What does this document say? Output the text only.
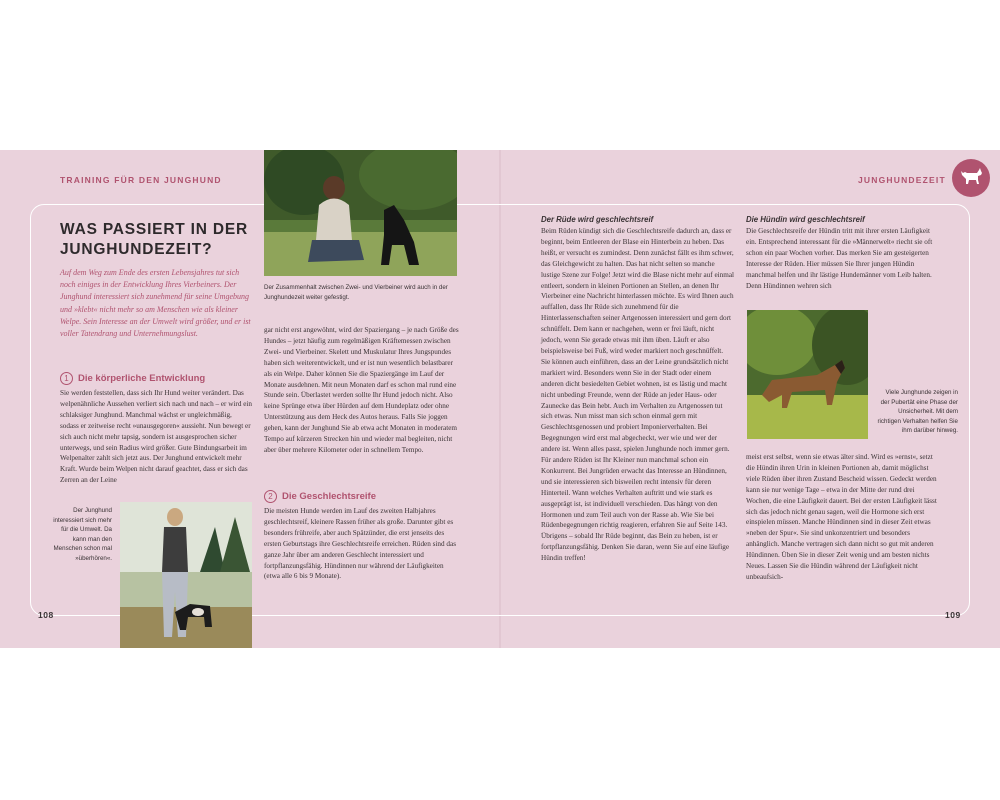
TRAINING FÜR DEN JUNGHUND	JUNGHUNDEZEIT
108	109
WAS PASSIERT IN DER JUNGHUNDEZEIT?

Auf dem Weg zum Ende des ersten Lebensjahres tut sich noch einiges in der Entwicklung Ihres Vierbeiners. Der Junghund interessiert sich zunehmend für seine Umgebung und »klebt« nicht mehr so am Menschen wie als kleiner Welpe. Sein Interesse an der Umwelt wird größer, und er ist voller Tatendrang und Unternehmungslust.

1 Die körperliche Entwicklung

Sie werden feststellen, dass sich Ihr Hund weiter verändert. Das welpenähnliche Aussehen verliert sich nach und nach – er wird ein schlaksiger Junghund. Manchmal wächst er ungleichmäßig, sodass er zeitweise recht »unausgegoren« aussieht. Nun bewegt er sich auch nicht mehr tapsig, sondern ist ausgesprochen sicher unterwegs, und sein Radius wird größer. Gute Bindungsarbeit im Welpenalter zahlt sich jetzt aus. Der Junghund entwickelt mehr Kraft. Wurde beim Welpen nicht darauf geachtet, dass er sich das Zerren an der Leine

Der Zusammenhalt zwischen Zwei- und Vierbeiner wird auch in der Junghundezeit weiter gefestigt.

gar nicht erst angewöhnt, wird der Spaziergang – je nach Größe des Hundes – jetzt häufig zum regelmäßigen Kräftemessen zwischen Zwei- und Vierbeiner. Skelett und Muskulatur Ihres Jungspundes haben sich weiterentwickelt, und er ist nun wesentlich belastbarer als ein Welpe. Daher können Sie die Spaziergänge im Lauf der Monate ausdehnen. Mit neun Monaten darf es schon mal rund eine Stunde sein. Überlastet werden sollte Ihr Hund jedoch nicht. Also keine Sprünge etwa über Hürden auf dem Hundeplatz oder ohne Unterstützung aus dem Heck des Autos heraus. Falls Sie joggen gehen, kann der Junghund Sie ab etwa acht Monaten in moderatem Tempo auf kürzeren Strecken hin und wieder mal begleiten, nicht aber über mehrere Kilometer oder in schnellem Tempo.

2 Die Geschlechtsreife

Die meisten Hunde werden im Lauf des zweiten Halbjahres geschlechtsreif, kleinere Rassen früher als große. Darunter gibt es besonders frühreife, aber auch Spätzünder, die erst jenseits des ersten Geburtstags ihre Geschlechtsreife erreichen. Rüden sind das ganze Jahr über am anderen Geschlecht interessiert und fortpflanzungsfähig. Hündinnen nur während der Läufigkeiten (etwa alle 6 bis 9 Monate).

Der Junghund interessiert sich mehr für die Umwelt. Da kann man den Menschen schon mal »überhören«.

Der Rüde wird geschlechtsreif

Beim Rüden kündigt sich die Geschlechtsreife dadurch an, dass er beginnt, beim Entleeren der Blase ein Hinterbein zu heben. Das heißt, er versucht es zumindest. Denn zunächst fällt es ihm schwer, das Gleichgewicht zu halten. Das hat nicht selten so manche lustige Szene zur Folge! Jetzt wird die Blase nicht mehr auf einmal entleert, sondern in kleinen Portionen an Stellen, an denen Ihr Vierbeiner eine Nachricht hinterlassen möchte. Es wird Ihnen auch auffallen, dass Ihr Rüde sich zunehmend für die Hinterlassenschaften seiner Artgenossen interessiert und gern dort schnüffelt. Dem kann er nachgehen, wenn er frei läuft, nicht jedoch, wenn Sie gerade etwas mit ihm üben. Läuft er also beispielsweise bei Fuß, wird weder markiert noch geschnüffelt. Sie können auch einführen, dass an der Leine grundsätzlich nicht markiert wird. Besonders wenn Sie in der Stadt oder einem anderen dicht besiedelten Gebiet wohnen, ist es lästig und macht nicht unbedingt Freunde, wenn der Rüde an jeder Haus- oder Zaunecke das Bein hebt. Auch im Verhalten zu Artgenossen tut sich etwas. Nun misst man sich schon einmal gern mit Geschlechtsgenossen und probiert Imponierverhalten. Bei Begegnungen wird erst mal abgecheckt, wer wie und wer der andere ist. Wenn alles passt, spielen Junghunde noch immer gern. Für andere Rüden ist Ihr Kleiner nun manchmal schon ein Konkurrent. Bei Jungrüden erwacht das Interesse an Hündinnen, und sie interessieren sich bisweilen recht intensiv für deren Hinterteil. Wann welches Verhalten auftritt und wie stark es ausgeprägt ist, ist individuell verschieden. Das hängt von den Hormonen und zum Teil auch von der Rasse ab. Wie Sie bei Rüdenbegegnungen richtig reagieren, erfahren Sie auf Seite 143. Übrigens – sobald Ihr Rüde beginnt, das Bein zu heben, ist er fortpflanzungsfähig. Denken Sie daran, wenn Sie auf eine läufige Hündin treffen!

Die Hündin wird geschlechtsreif

Die Geschlechtsreife der Hündin tritt mit ihrer ersten Läufigkeit ein. Entsprechend interessant für die »Männerwelt« riecht sie oft schon ein paar Wochen vorher. Das merken Sie am gesteigerten Interesse der Rüden. Hier müssen Sie Ihrer jungen Hündin manchmal helfen und ihr lästige Hundemänner vom Leib halten. Denn Hündinnen wehren sich

Viele Junghunde zeigen in der Pubertät eine Phase der Unsicherheit. Mit dem richtigen Verhalten helfen Sie ihm darüber hinweg.

meist erst selbst, wenn sie etwas älter sind. Wird es »ernst«, setzt die Hündin ihren Urin in kleinen Portionen ab, damit möglichst viele Rüden über ihren Zustand Bescheid wissen. Gedeckt werden kann sie nur wenige Tage – etwa in der Mitte der rund drei Wochen, die eine Läufigkeit dauert. Bei der ersten Läufigkeit lässt sich das jedoch nicht genau sagen, weil die Hormone sich erst einspielen müssen. Manche Hündinnen sind in dieser Zeit etwas »neben der Spur«. Sie sind unkonzentriert und besonders anhänglich. Manche vertragen sich dann nicht so gut mit anderen Hündinnen. Üben Sie in dieser Zeit wenig und am besten nichts Neues. Lassen Sie die Hündin während der Läufigkeit nicht unbeaufsich-
